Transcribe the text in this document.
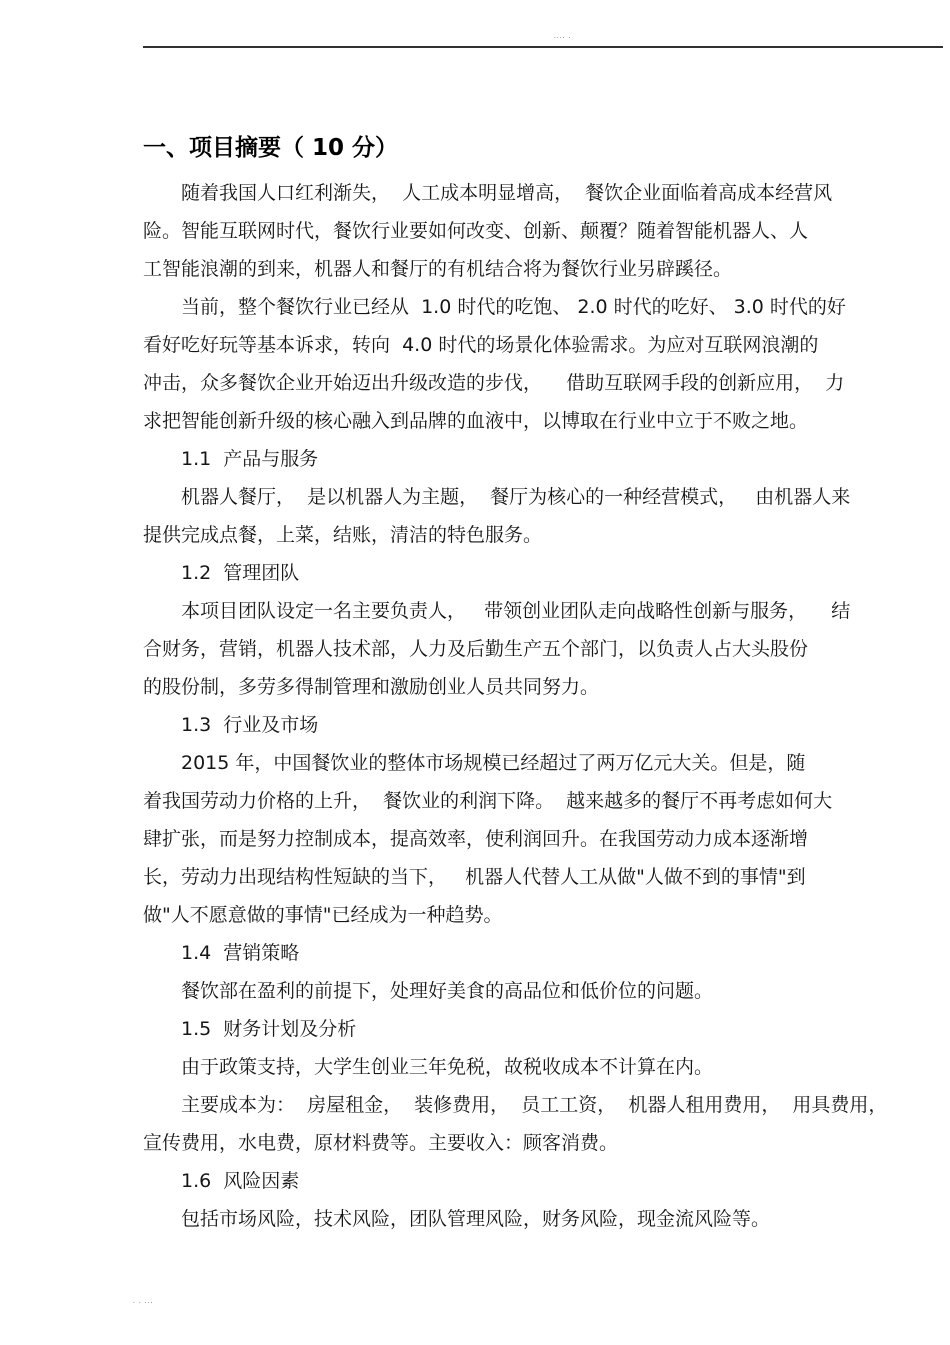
···· ·
一、项目摘要（ 10 分）
随着我国人口红利渐失，  人工成本明显增高，  餐饮企业面临着高成本经营风
险。智能互联网时代，餐饮行业要如何改变、创新、颠覆？随着智能机器人、人
工智能浪潮的到来，机器人和餐厅的有机结合将为餐饮行业另辟蹊径。
当前，整个餐饮行业已经从  1.0 时代的吃饱、 2.0 时代的吃好、 3.0 时代的好
看好吃好玩等基本诉求，转向  4.0 时代的场景化体验需求。为应对互联网浪潮的
冲击，众多餐饮企业开始迈出升级改造的步伐，    借助互联网手段的创新应用，  力
求把智能创新升级的核心融入到品牌的血液中，以博取在行业中立于不败之地。
1.1  产品与服务
机器人餐厅，  是以机器人为主题，  餐厅为核心的一种经营模式，   由机器人来
提供完成点餐，上菜，结账，清洁的特色服务。
1.2  管理团队
本项目团队设定一名主要负责人，   带领创业团队走向战略性创新与服务，    结
合财务，营销，机器人技术部，人力及后勤生产五个部门，以负责人占大头股份
的股份制，多劳多得制管理和激励创业人员共同努力。
1.3  行业及市场
2015 年，中国餐饮业的整体市场规模已经超过了两万亿元大关。但是，随
着我国劳动力价格的上升，  餐饮业的利润下降。  越来越多的餐厅不再考虑如何大
肆扩张，而是努力控制成本，提高效率，使利润回升。在我国劳动力成本逐渐增
长，劳动力出现结构性短缺的当下，   机器人代替人工从做"人做不到的事情"到
做"人不愿意做的事情"已经成为一种趋势。
1.4  营销策略
餐饮部在盈利的前提下，处理好美食的高品位和低价位的问题。
1.5  财务计划及分析
由于政策支持，大学生创业三年免税，故税收成本不计算在内。
主要成本为：  房屋租金，  装修费用，  员工工资，  机器人租用费用，  用具费用，
宣传费用，水电费，原材料费等。主要收入：顾客消费。
1.6  风险因素
包括市场风险，技术风险，团队管理风险，财务风险，现金流风险等。
· · ···
